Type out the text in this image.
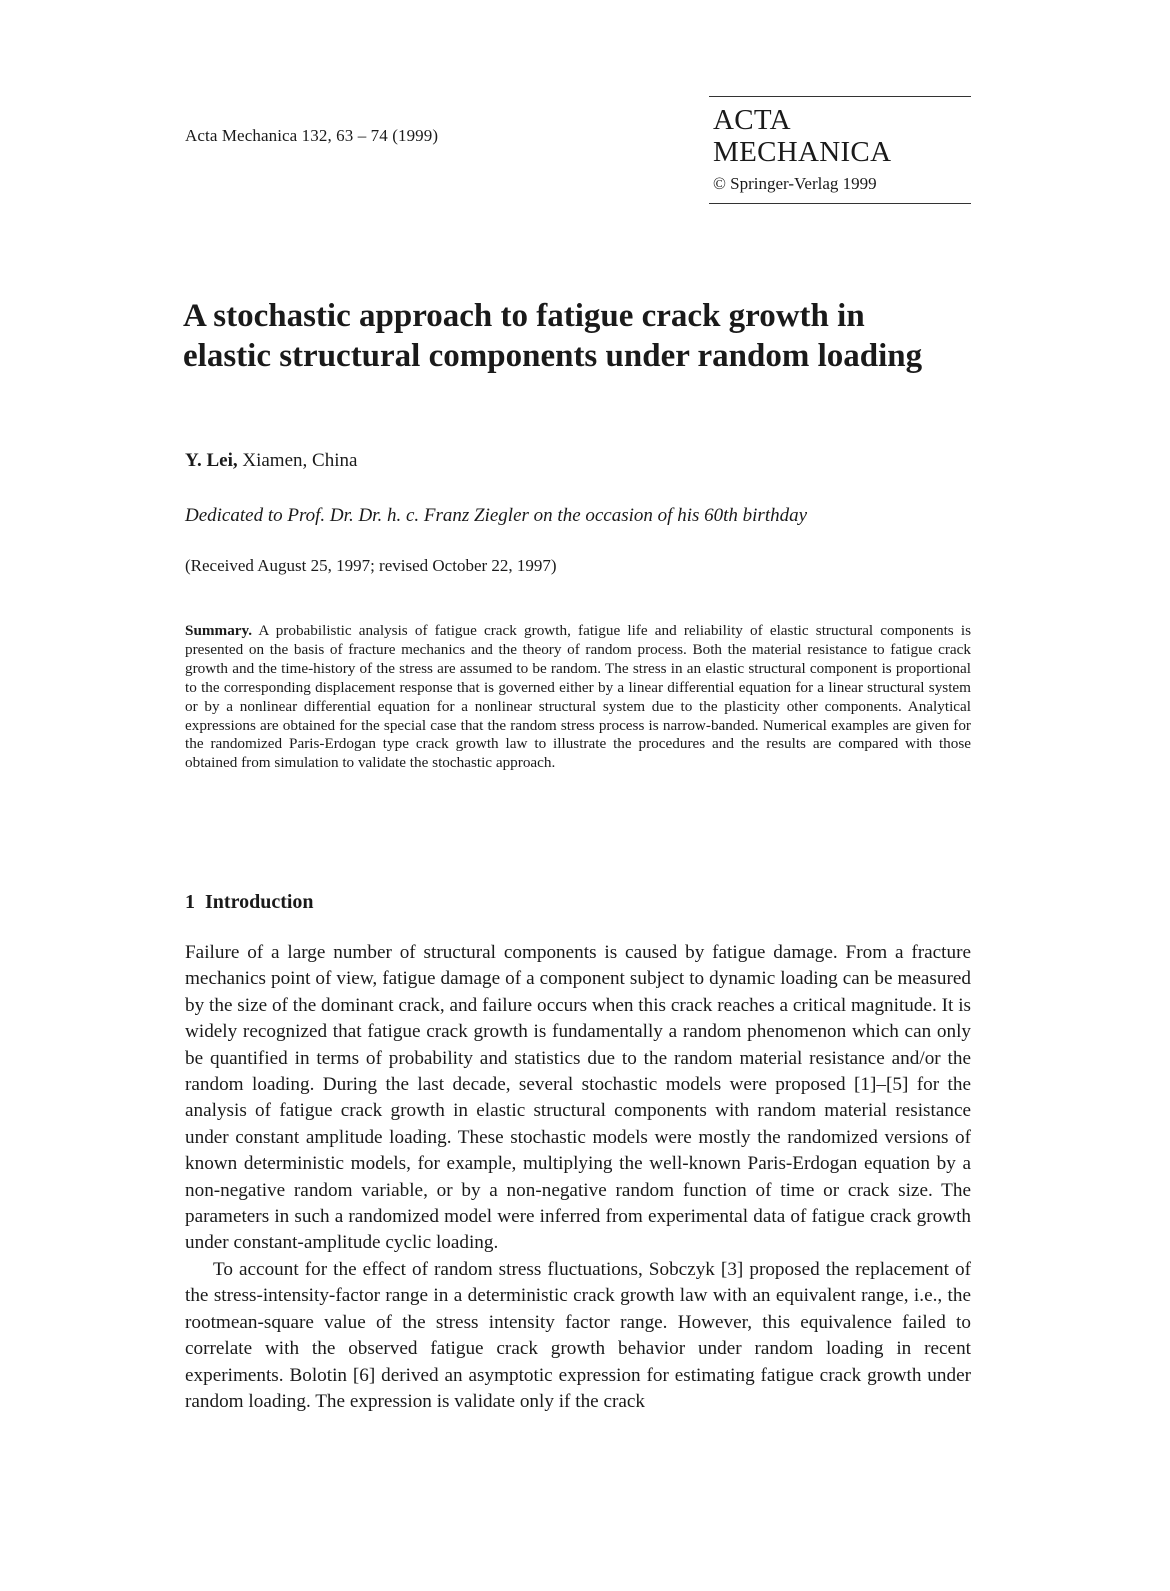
Acta Mechanica 132, 63 – 74 (1999)	ACTA MECHANICA
© Springer-Verlag 1999
A stochastic approach to fatigue crack growth in elastic structural components under random loading
Y. Lei, Xiamen, China
Dedicated to Prof. Dr. Dr. h. c. Franz Ziegler on the occasion of his 60th birthday
(Received August 25, 1997; revised October 22, 1997)

Summary. A probabilistic analysis of fatigue crack growth, fatigue life and reliability of elastic structural components is presented on the basis of fracture mechanics and the theory of random process. Both the material resistance to fatigue crack growth and the time-history of the stress are assumed to be random. The stress in an elastic structural component is proportional to the corresponding displacement response that is governed either by a linear differential equation for a linear structural system or by a nonlinear differential equation for a nonlinear structural system due to the plasticity other components. Analytical expressions are obtained for the special case that the random stress process is narrow-banded. Numerical examples are given for the randomized Paris-Erdogan type crack growth law to illustrate the procedures and the results are compared with those obtained from simulation to validate the stochastic approach.

1 Introduction

Failure of a large number of structural components is caused by fatigue damage. From a fracture mechanics point of view, fatigue damage of a component subject to dynamic loading can be measured by the size of the dominant crack, and failure occurs when this crack reaches a critical magnitude. It is widely recognized that fatigue crack growth is fundamentally a random phenomenon which can only be quantified in terms of probability and statistics due to the random material resistance and/or the random loading. During the last decade, several stochastic models were proposed [1]–[5] for the analysis of fatigue crack growth in elastic structural components with random material resistance under constant amplitude loading. These stochastic models were mostly the randomized versions of known deterministic models, for example, multiplying the well-known Paris-Erdogan equation by a non-negative random variable, or by a non-negative random function of time or crack size. The parameters in such a randomized model were inferred from experimental data of fatigue crack growth under constant-amplitude cyclic loading.

To account for the effect of random stress fluctuations, Sobczyk [3] proposed the replacement of the stress-intensity-factor range in a deterministic crack growth law with an equivalent range, i.e., the rootmean-square value of the stress intensity factor range. However, this equivalence failed to correlate with the observed fatigue crack growth behavior under random loading in recent experiments. Bolotin [6] derived an asymptotic expression for estimating fatigue crack growth under random loading. The expression is validate only if the crack
